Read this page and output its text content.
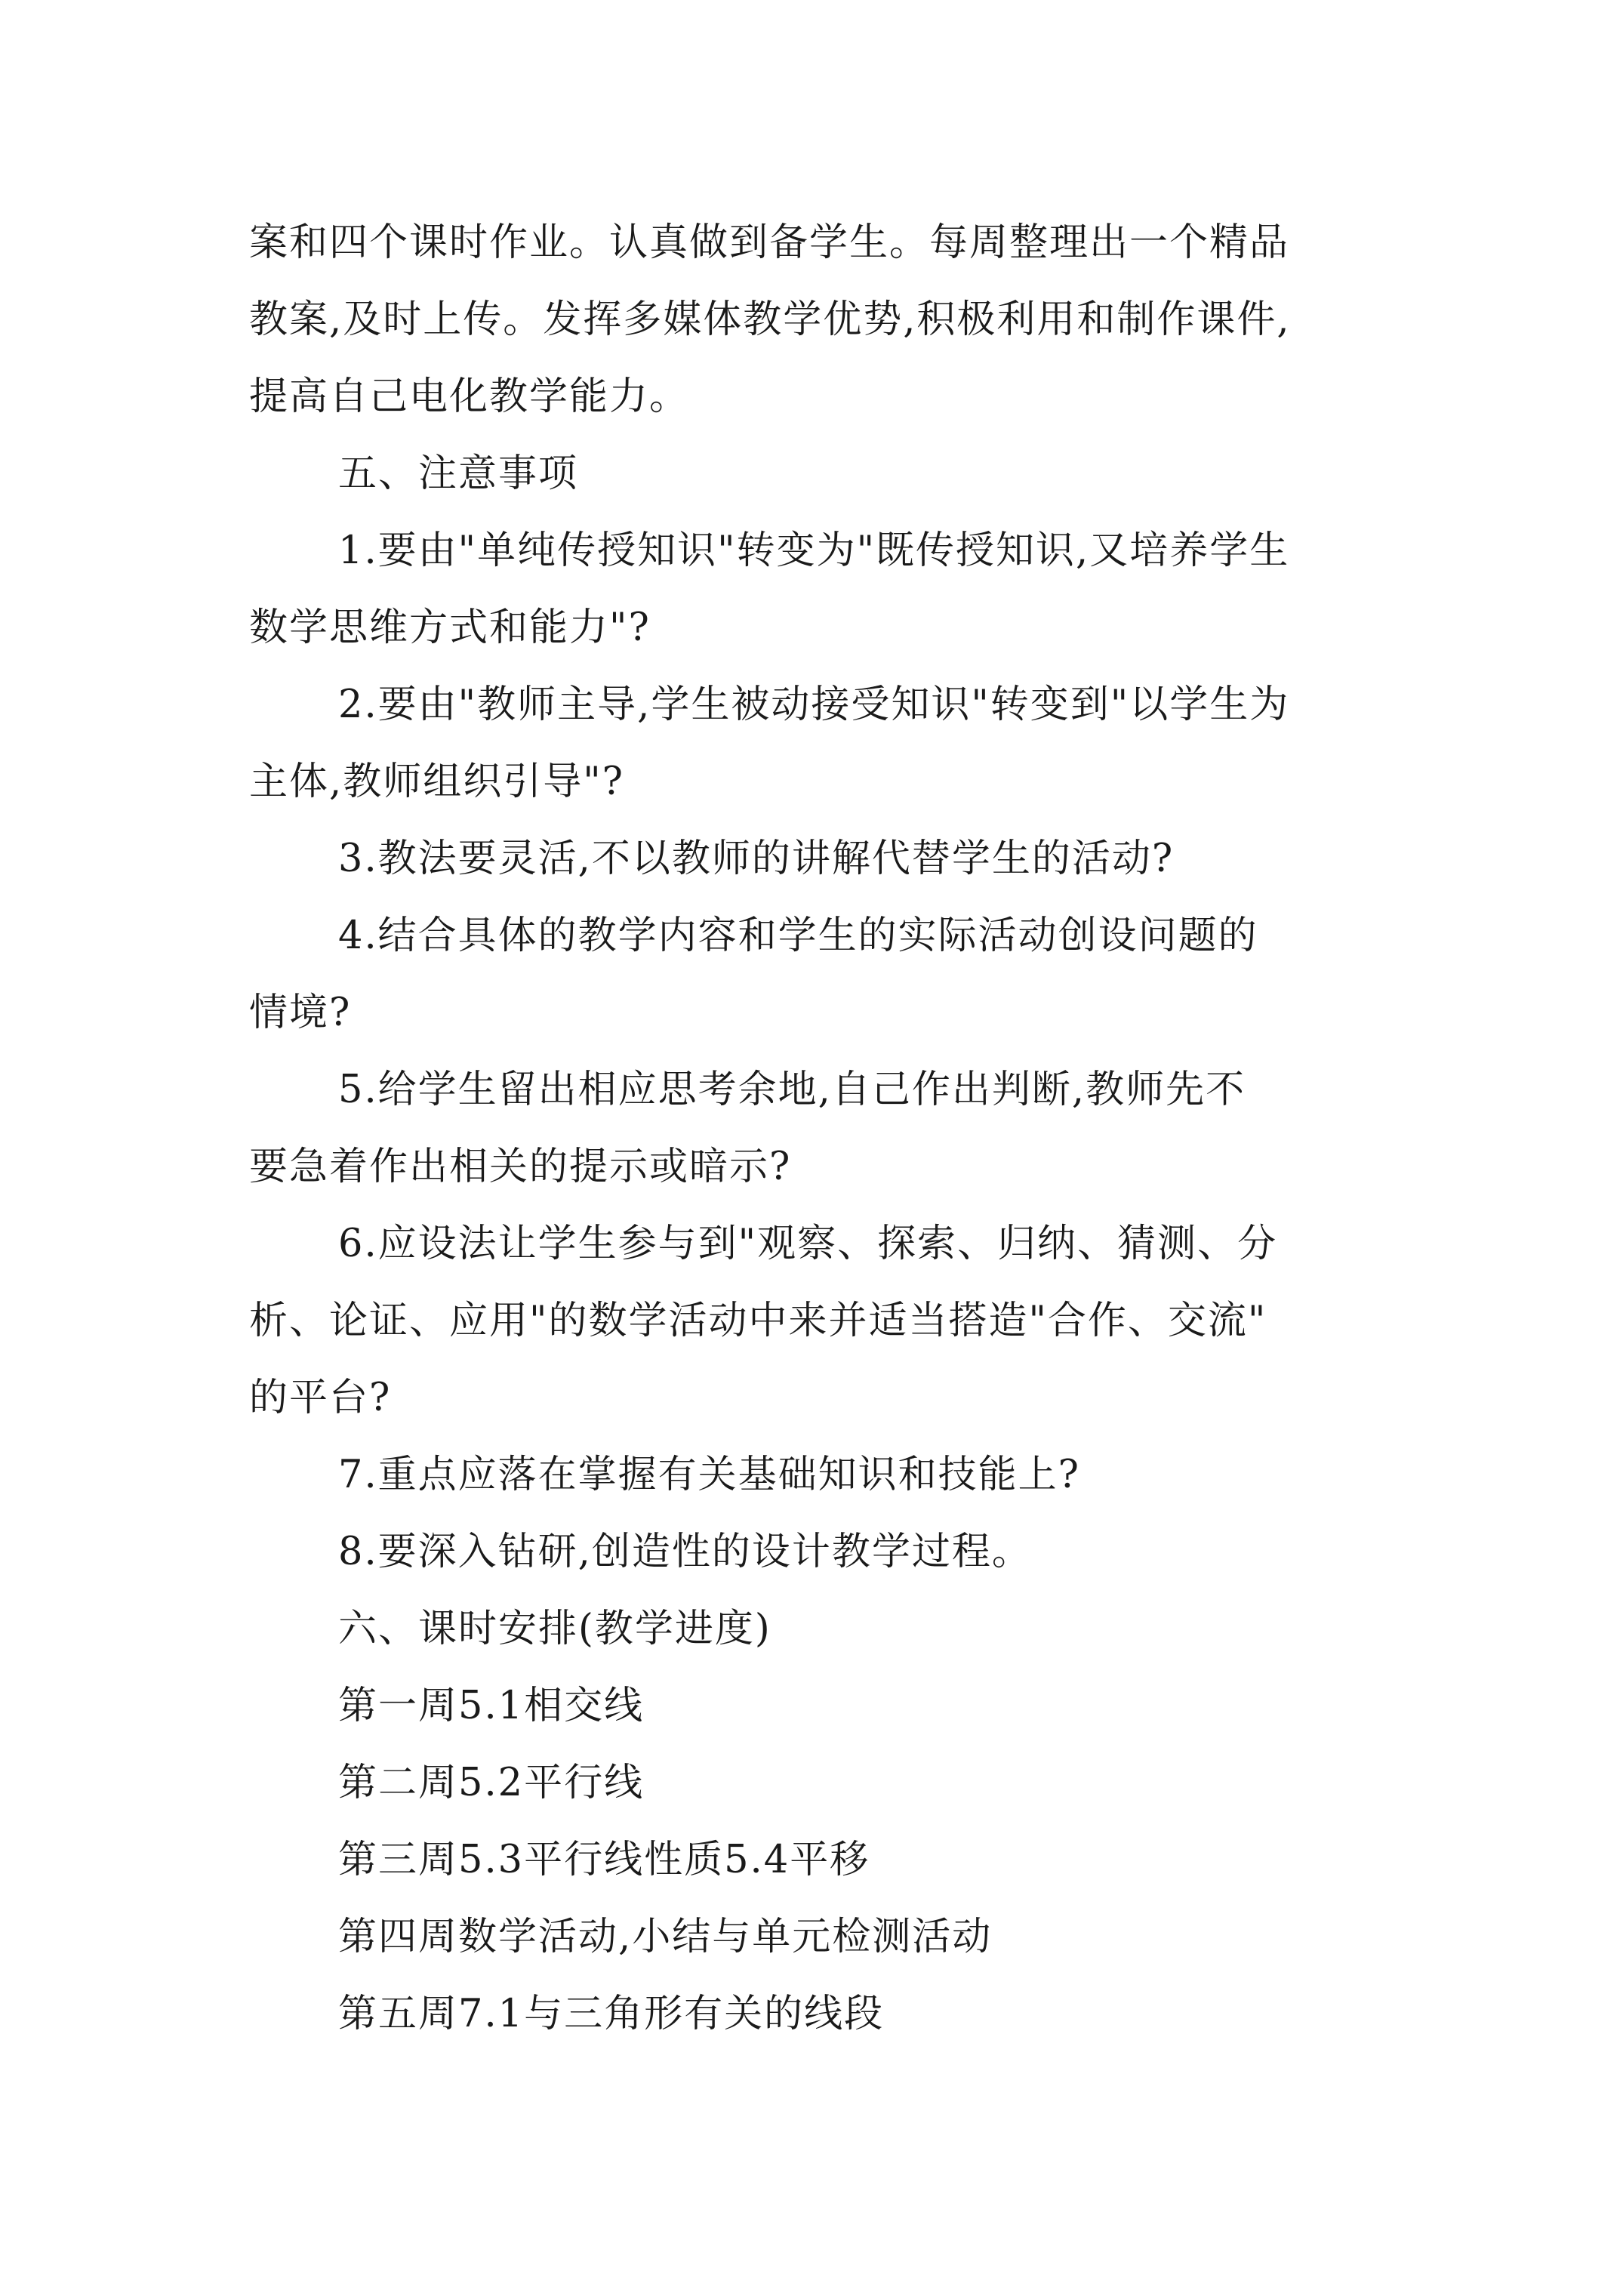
案和四个课时作业。认真做到备学生。每周整理出一个精品
教案,及时上传。发挥多媒体教学优势,积极利用和制作课件,
提高自己电化教学能力。
五、注意事项
1.要由"单纯传授知识"转变为"既传授知识,又培养学生
数学思维方式和能力"?
2.要由"教师主导,学生被动接受知识"转变到"以学生为
主体,教师组织引导"?
3.教法要灵活,不以教师的讲解代替学生的活动?
4.结合具体的教学内容和学生的实际活动创设问题的
情境?
5.给学生留出相应思考余地,自己作出判断,教师先不
要急着作出相关的提示或暗示?
6.应设法让学生参与到"观察、探索、归纳、猜测、分
析、论证、应用"的数学活动中来并适当搭造"合作、交流"
的平台?
7.重点应落在掌握有关基础知识和技能上?
8.要深入钻研,创造性的设计教学过程。
六、课时安排(教学进度)
第一周5.1相交线
第二周5.2平行线
第三周5.3平行线性质5.4平移
第四周数学活动,小结与单元检测活动
第五周7.1与三角形有关的线段
